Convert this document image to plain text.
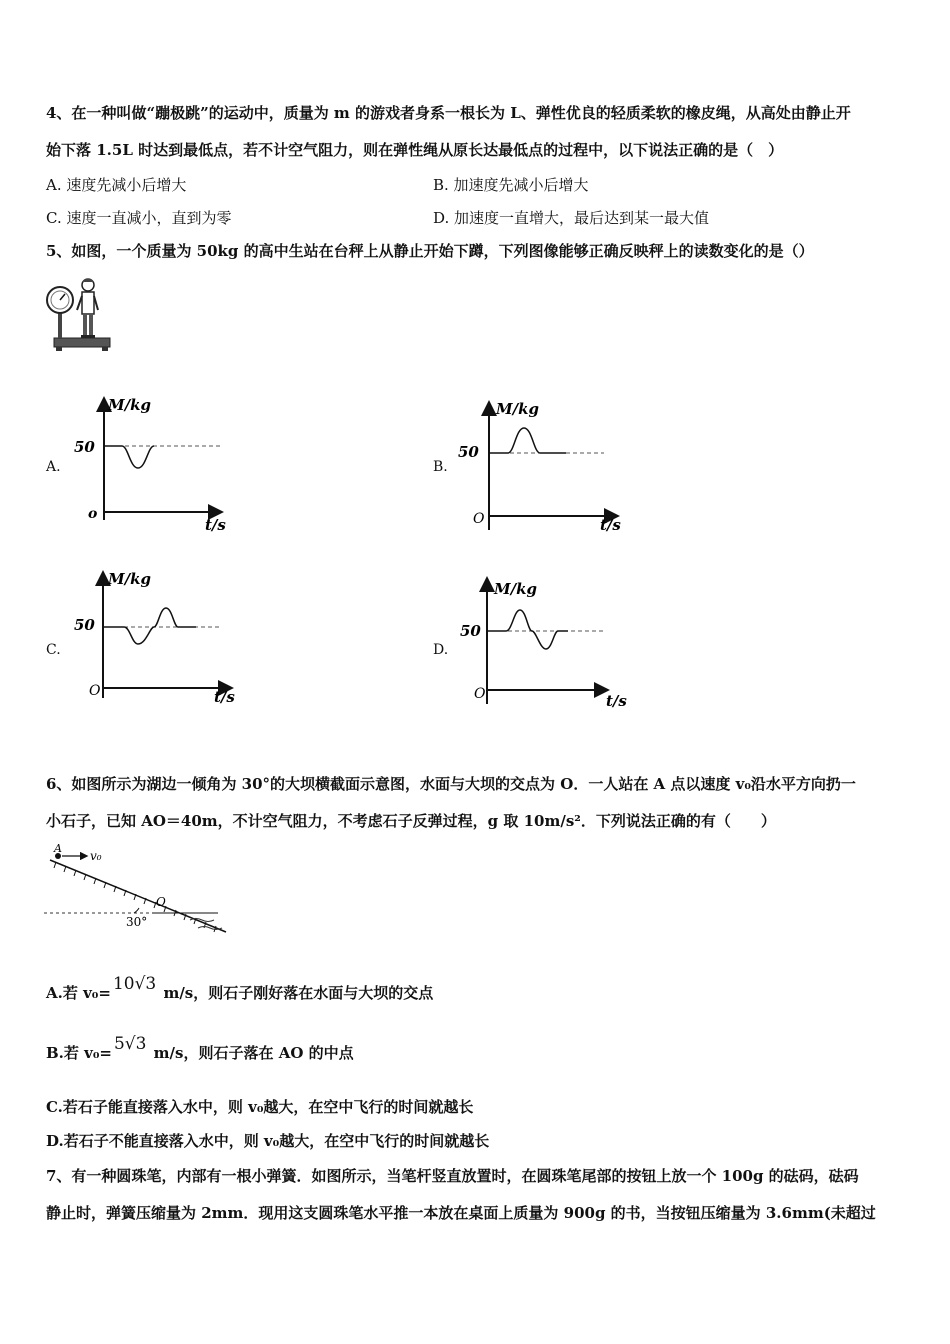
4、在一种叫做“蹦极跳”的运动中，质量为 m 的游戏者身系一根长为 L、弹性优良的轻质柔软的橡皮绳，从高处由静止开
始下落 1.5L 时达到最低点，若不计空气阻力，则在弹性绳从原长达最低点的过程中，以下说法正确的是（　）
A. 速度先减小后增大	B. 加速度先减小后增大
C. 速度一直减小，直到为零	D. 加速度一直增大，最后达到某一最大值
5、如图，一个质量为 50kg 的高中生站在台秤上从静止开始下蹲，下列图像能够正确反映秤上的读数变化的是（）
A.	B.
C.	D.
M/kg
50
o
t/s
M/kg
50
O	t/s
M/kg
50
O	t/s
M/kg
50
O	t/s
6、如图所示为湖边一倾角为 30°的大坝横截面示意图，水面与大坝的交点为 O．一人站在 A 点以速度 v₀沿水平方向扔一
小石子，已知 AO＝40m，不计空气阻力，不考虑石子反弹过程，g 取 10m/s²．下列说法正确的有（　　）
A
v₀
O
30°
A.若 v₀= 10√3 m/s，则石子刚好落在水面与大坝的交点
B.若 v₀= 5√3 m/s，则石子落在 AO 的中点
C.若石子能直接落入水中，则 v₀越大，在空中飞行的时间就越长
D.若石子不能直接落入水中，则 v₀越大，在空中飞行的时间就越长
7、有一种圆珠笔，内部有一根小弹簧．如图所示，当笔杆竖直放置时，在圆珠笔尾部的按钮上放一个 100g 的砝码，砝码
静止时，弹簧压缩量为 2mm．现用这支圆珠笔水平推一本放在桌面上质量为 900g 的书，当按钮压缩量为 3.6mm(未超过
